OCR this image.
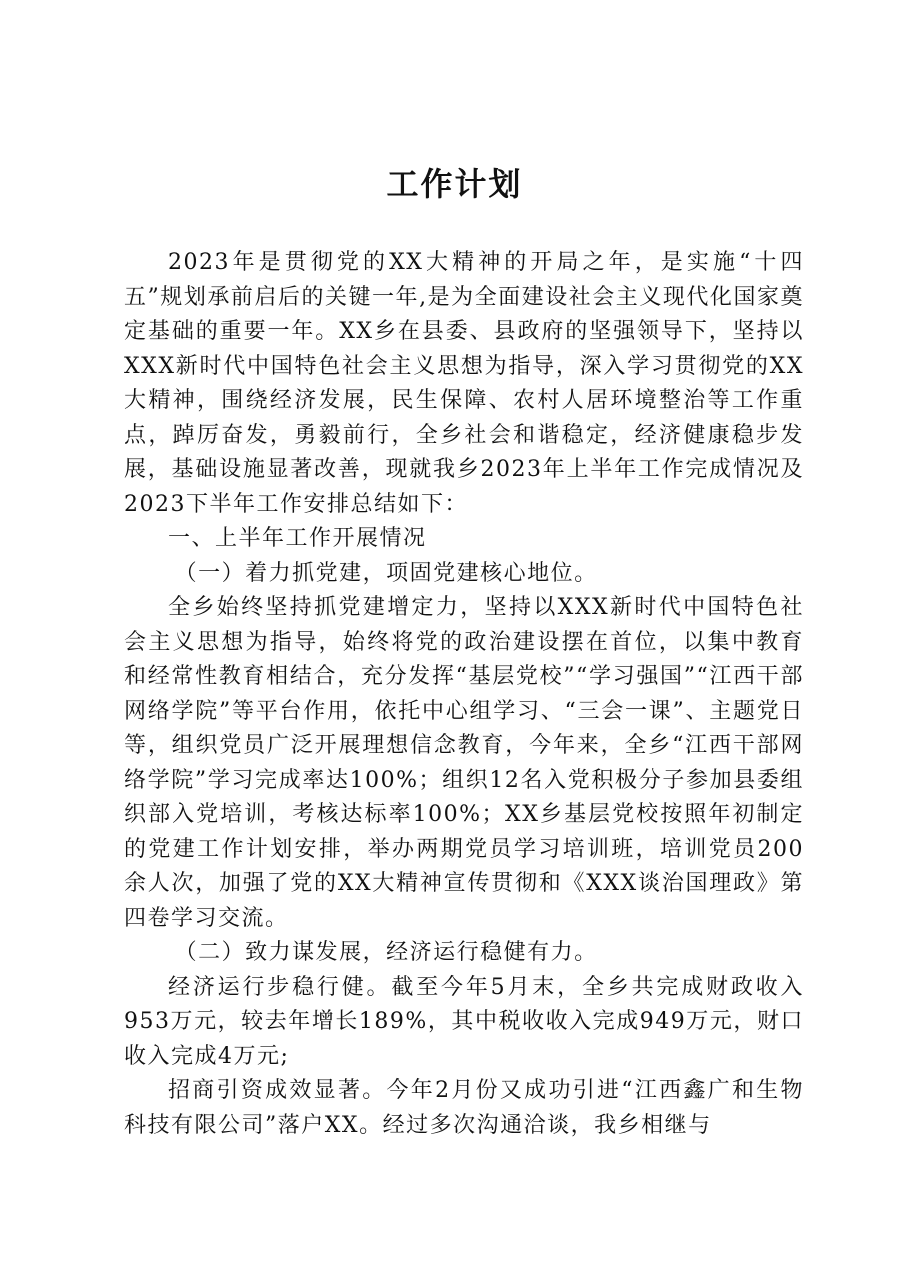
工作计划

2023年是贯彻党的XX大精神的开局之年，是实施“十四五”规划承前启后的关键一年,是为全面建设社会主义现代化国家奠定基础的重要一年。XX乡在县委、县政府的坚强领导下，坚持以XXX新时代中国特色社会主义思想为指导，深入学习贯彻党的XX大精神，围绕经济发展，民生保障、农村人居环境整治等工作重点，踔厉奋发，勇毅前行，全乡社会和谐稳定，经济健康稳步发展，基础设施显著改善，现就我乡2023年上半年工作完成情况及2023下半年工作安排总结如下：

一、上半年工作开展情况

（一）着力抓党建，项固党建核心地位。

全乡始终坚持抓党建增定力，坚持以XXX新时代中国特色社会主义思想为指导，始终将党的政治建设摆在首位，以集中教育和经常性教育相结合，充分发挥“基层党校”“学习强国”“江西干部网络学院”等平台作用，依托中心组学习、“三会一课”、主题党日等，组织党员广泛开展理想信念教育，今年来，全乡“江西干部网络学院”学习完成率达100%；组织12名入党积极分子参加县委组织部入党培训，考核达标率100%；XX乡基层党校按照年初制定的党建工作计划安排，举办两期党员学习培训班，培训党员200余人次，加强了党的XX大精神宣传贯彻和《XXX谈治国理政》第四卷学习交流。

（二）致力谋发展，经济运行稳健有力。

经济运行步稳行健。截至今年5月末，全乡共完成财政收入953万元，较去年增长189%，其中税收收入完成949万元，财口收入完成4万元;

招商引资成效显著。今年2月份又成功引进“江西鑫广和生物科技有限公司”落户XX。经过多次沟通洽谈，我乡相继与
